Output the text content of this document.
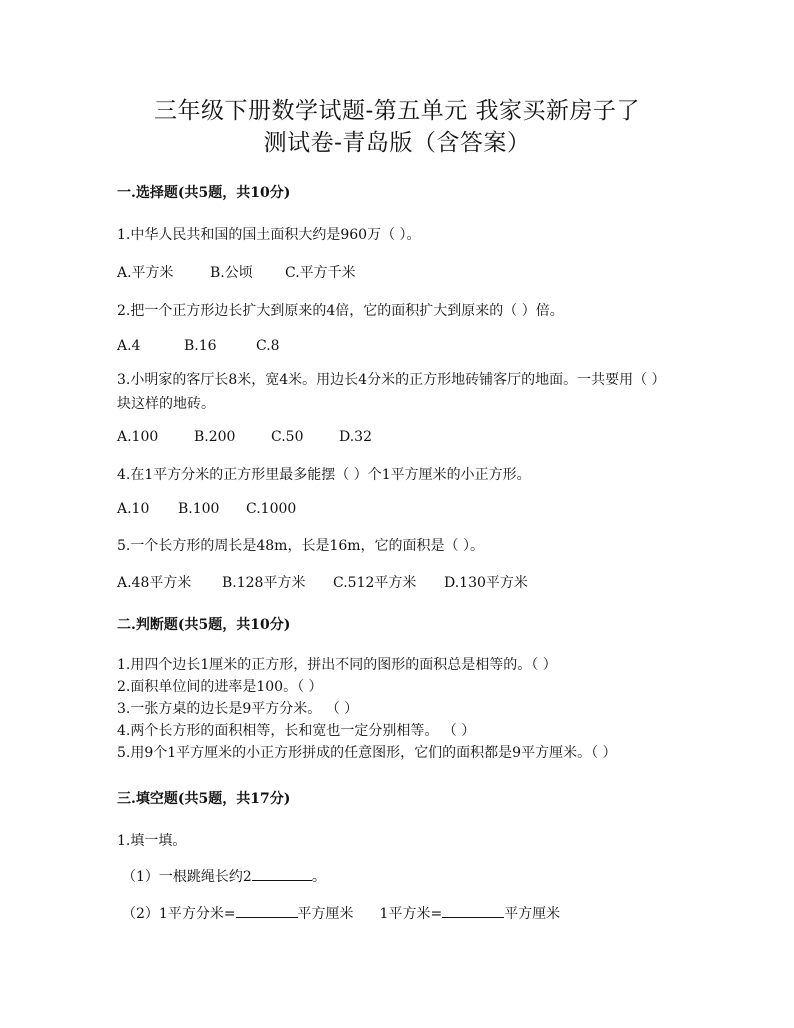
三年级下册数学试题-第五单元 我家买新房子了
测试卷-青岛版（含答案）
一.选择题(共5题，共10分)
1.中华人民共和国的国土面积大约是960万（ ）。
A.平方米	B.公顷 C.平方千米
2.把一个正方形边长扩大到原来的4倍，它的面积扩大到原来的（ ）倍。
A.4	B.16	C.8
3.小明家的客厅长8米，宽4米。用边长4分米的正方形地砖铺客厅的地面。一共要用（ ）块这样的地砖。
A.100	B.200	C.50	D.32
4.在1平方分米的正方形里最多能摆（ ）个1平方厘米的小正方形。
A.10 B.100 C.1000
5.一个长方形的周长是48m，长是16m，它的面积是（ ）。
A.48平方米 B.128平方米 C.512平方米 D.130平方米
二.判断题(共5题，共10分)
1.用四个边长1厘米的正方形，拼出不同的图形的面积总是相等的。（ ）
2.面积单位间的进率是100。（ ）
3.一张方桌的边长是9平方分米。 （ ）
4.两个长方形的面积相等，长和宽也一定分别相等。 （ ）
5.用9个1平方厘米的小正方形拼成的任意图形，它们的面积都是9平方厘米。（ ）
三.填空题(共5题，共17分)
1.填一填。
（1）一根跳绳长约2	。
（2）1平方分米=	平方厘米 1平方米=	平方厘米
